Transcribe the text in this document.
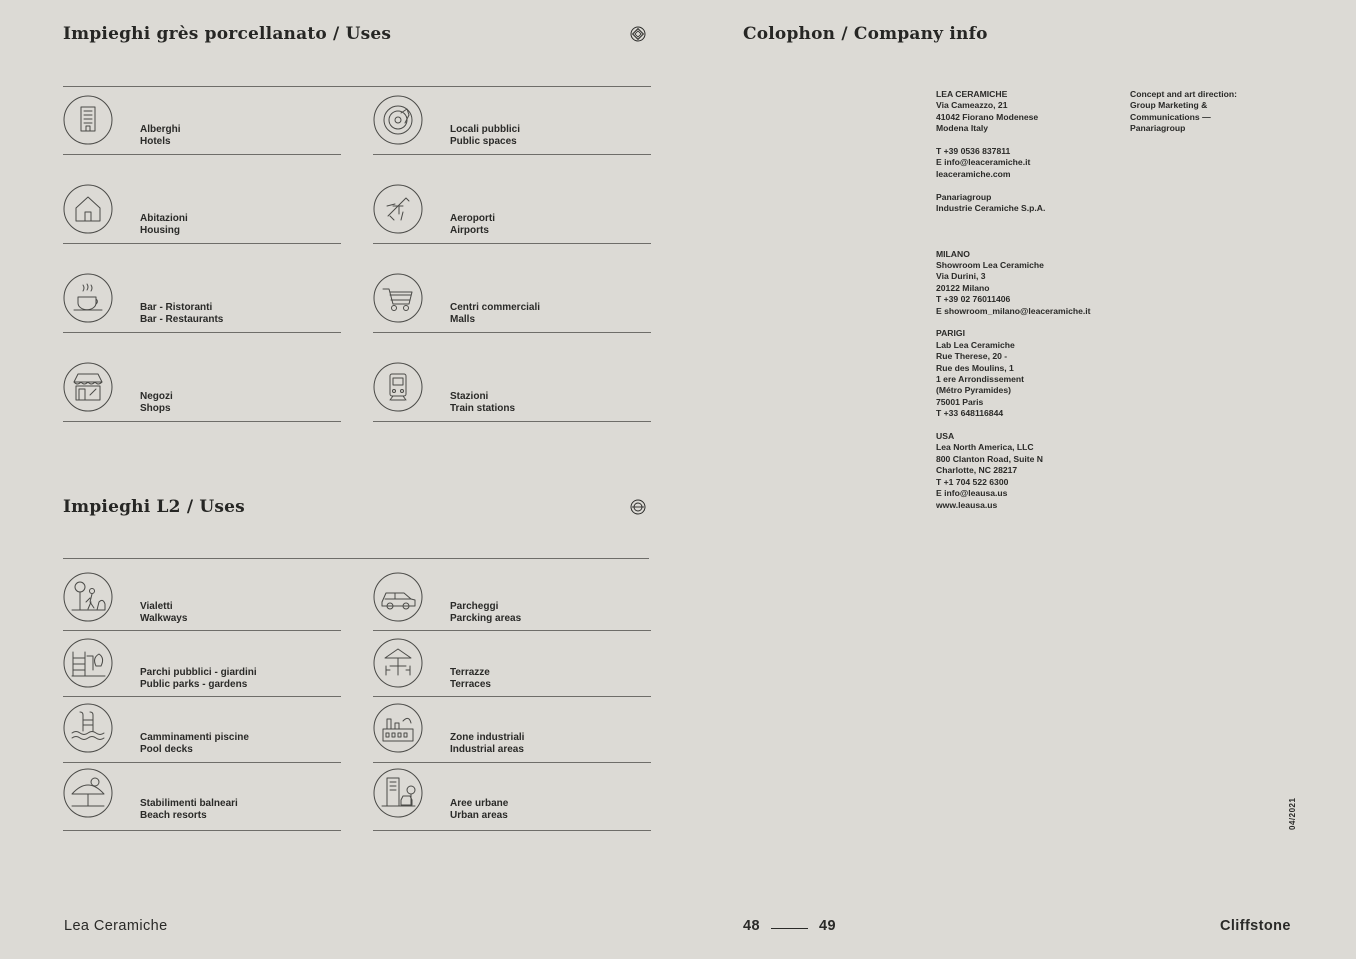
Impieghi grès porcellanato / Uses
Alberghi
Hotels
Locali pubblici
Public spaces
Abitazioni
Housing
Aeroporti
Airports
Bar - Ristoranti
Bar - Restaurants
Centri commerciali
Malls
Negozi
Shops
Stazioni
Train stations
Impieghi L2 / Uses
Vialetti
Walkways
Parcheggi
Parcking areas
Parchi pubblici - giardini
Public parks - gardens
Terrazze
Terraces
Camminamenti piscine
Pool decks
Zone industriali
Industrial areas
Stabilimenti balneari
Beach resorts
Aree urbane
Urban areas
Colophon / Company info

LEA CERAMICHE

Via Cameazzo, 21

41042 Fiorano Modenese

Modena Italy

T +39 0536 837811

E info@leaceramiche.it

leaceramiche.com

Panariagroup

Industrie Ceramiche S.p.A.

MILANO

Showroom Lea Ceramiche

Via Durini, 3

20122 Milano

T +39 02 76011406

E showroom_milano@leaceramiche.it

PARIGI

Lab Lea Ceramiche

Rue Therese, 20 -

Rue des Moulins, 1

1 ere Arrondissement

(Métro Pyramides)

75001 Paris

T +33 648116844

USA

Lea North America, LLC

800 Clanton Road, Suite N

Charlotte, NC 28217

T +1 704 522 6300

E info@leausa.us

www.leausa.us

Concept and art direction:

Group Marketing &

Communications —

Panariagroup

04/2021
Lea Ceramiche	48	49	Cliffstone
